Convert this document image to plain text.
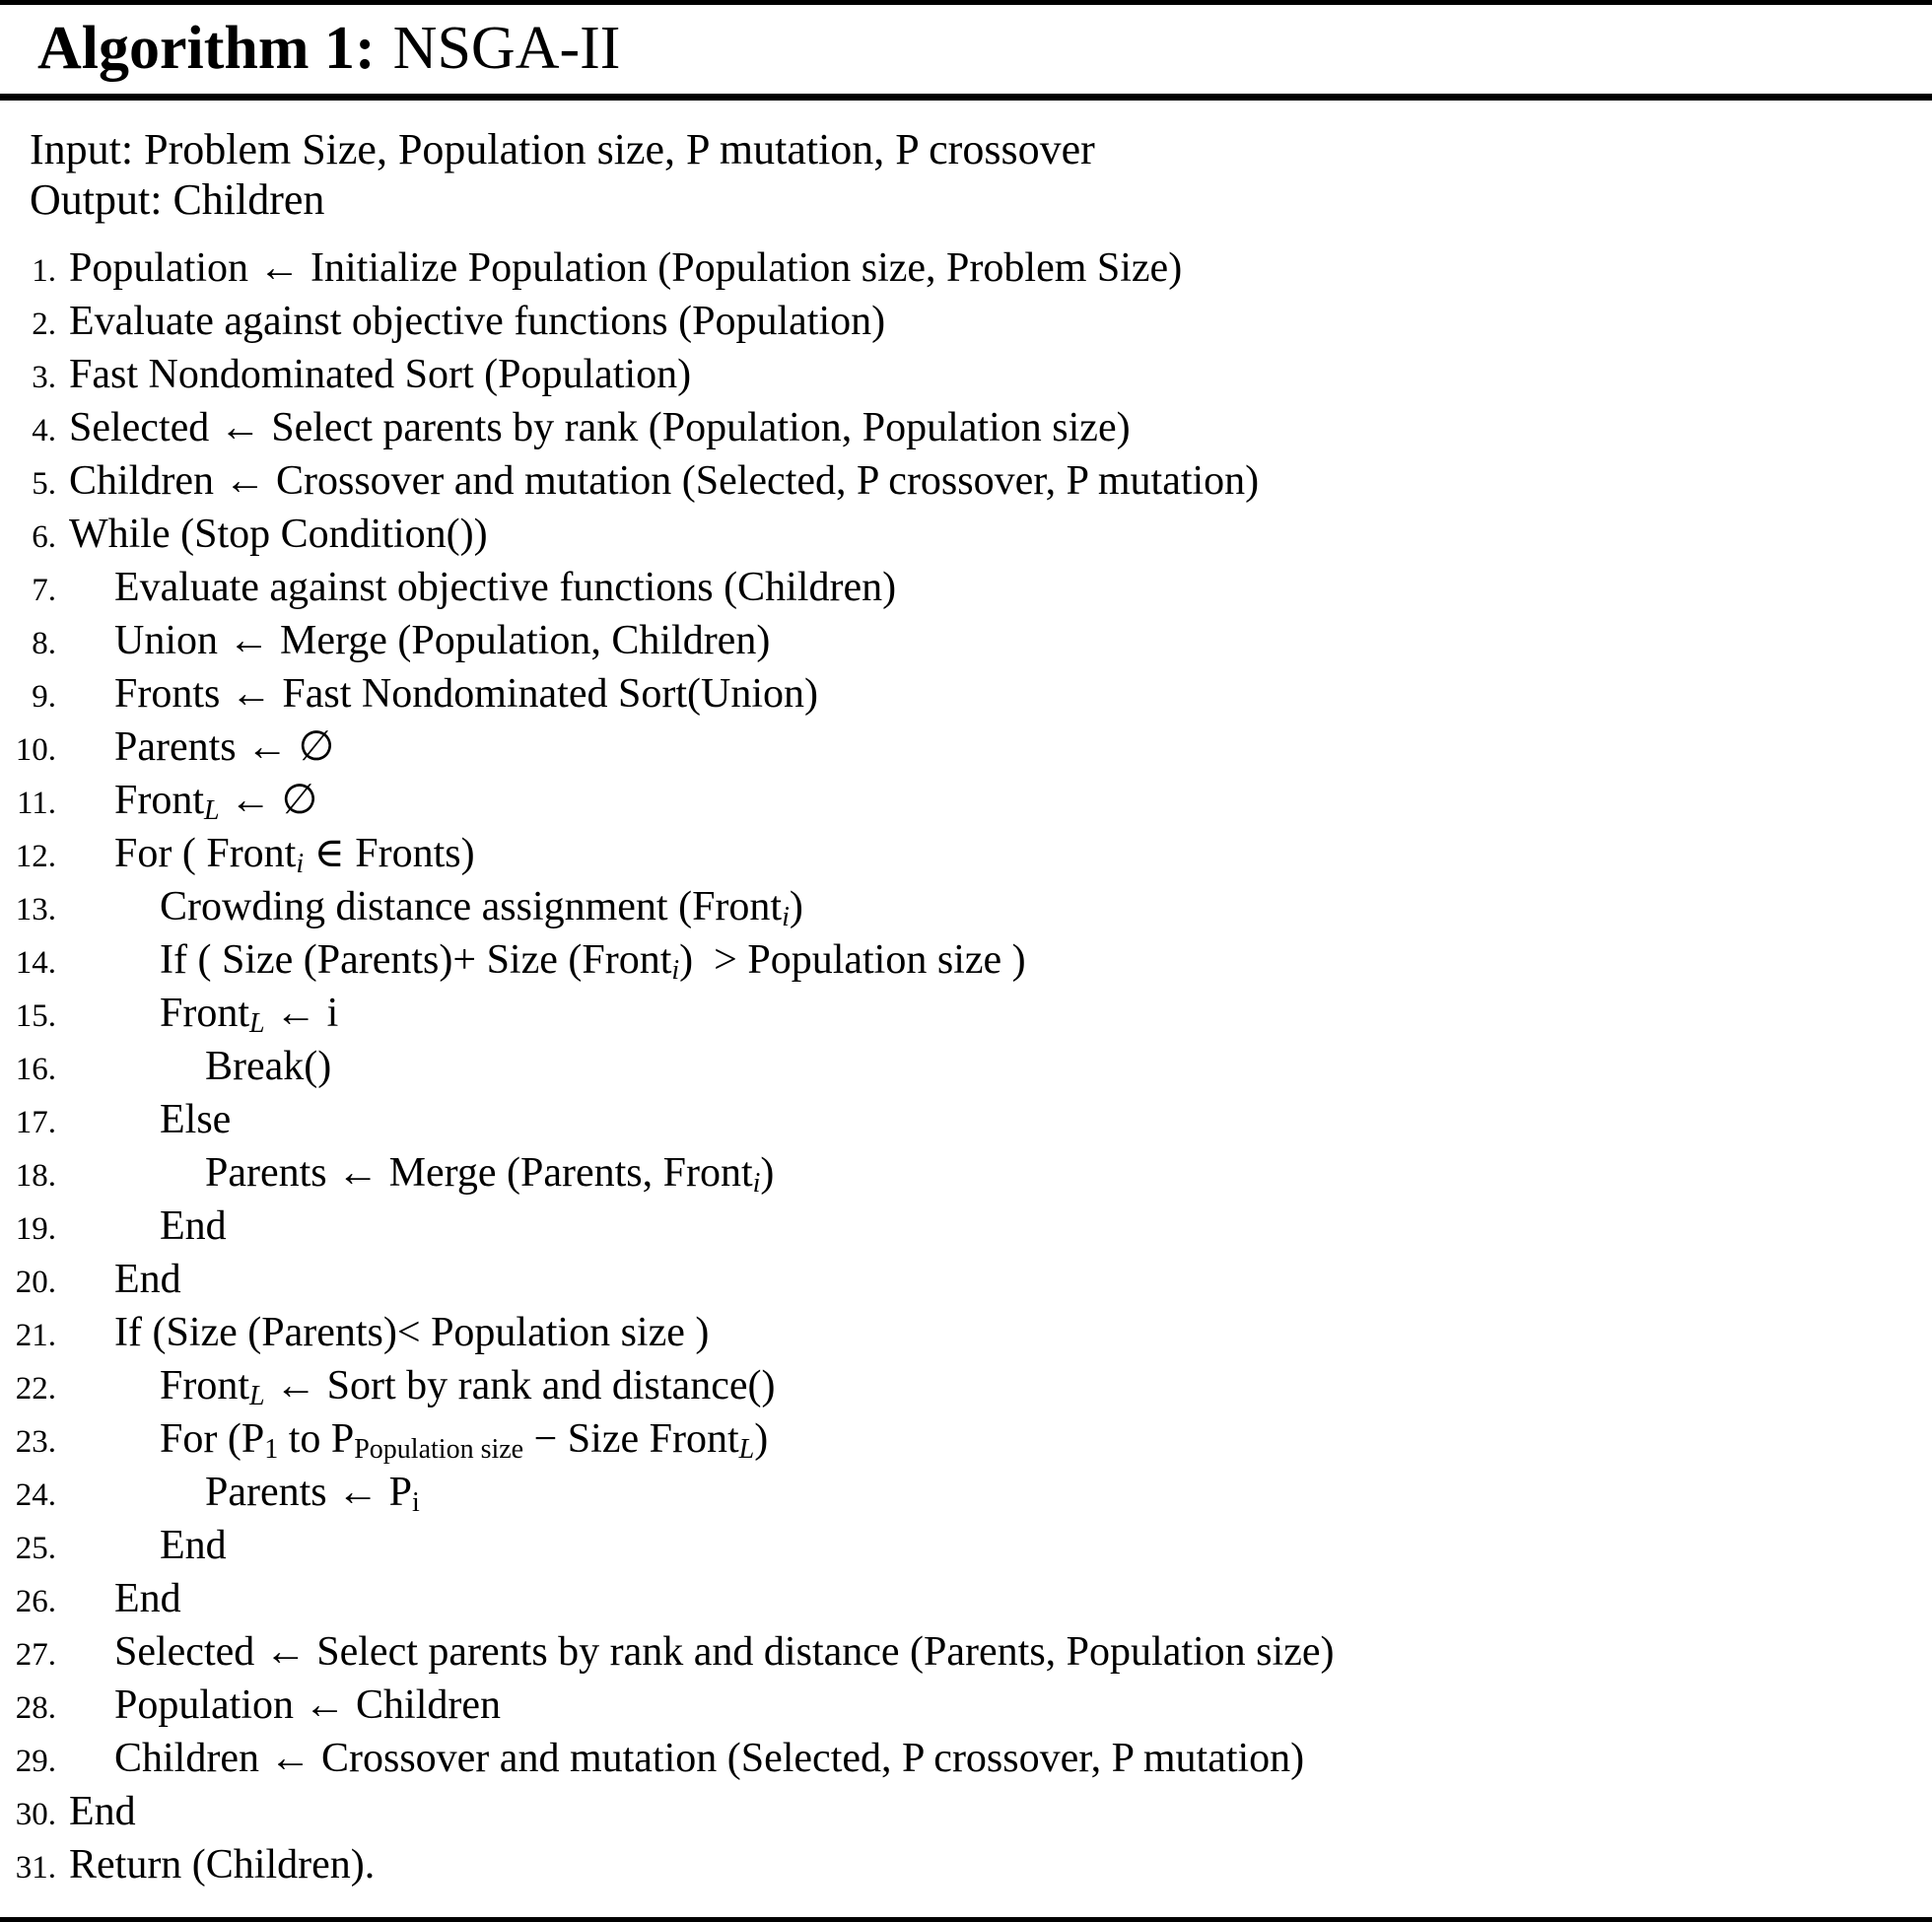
Algorithm 1: NSGA-II
Input: Problem Size, Population size, P mutation, P crossover
Output: Children
1. Population ← Initialize Population (Population size, Problem Size)
2. Evaluate against objective functions (Population)
3. Fast Nondominated Sort (Population)
4. Selected ← Select parents by rank (Population, Population size)
5. Children ← Crossover and mutation (Selected, P crossover, P mutation)
6. While (Stop Condition())
7. Evaluate against objective functions (Children)
8. Union ← Merge (Population, Children)
9. Fronts ← Fast Nondominated Sort(Union)
10. Parents ← ∅
11. Front$_L$ ← ∅
12. For ( Front$_i$ ∈ Fronts)
13.	Crowding distance assignment (Front$_i$)
14.	If ( Size (Parents)+ Size (Front$_i$)  > Population size )
15.	Front$_L$ ← i
16.	Break()
17.	Else
18.	Parents ← Merge (Parents, Front$_i$)
19.	End
20. End
21. If (Size (Parents)< Population size )
22.	Front$_L$ ← Sort by rank and distance()
23.	For ($P_1$ to $P_{Population size}$ − Size Front$_L$)
24.	Parents ← $P_i$
25.	End
26. End
27. Selected ← Select parents by rank and distance (Parents, Population size)
28. Population ← Children
29. Children ← Crossover and mutation (Selected, P crossover, P mutation)
30. End
31. Return (Children).
